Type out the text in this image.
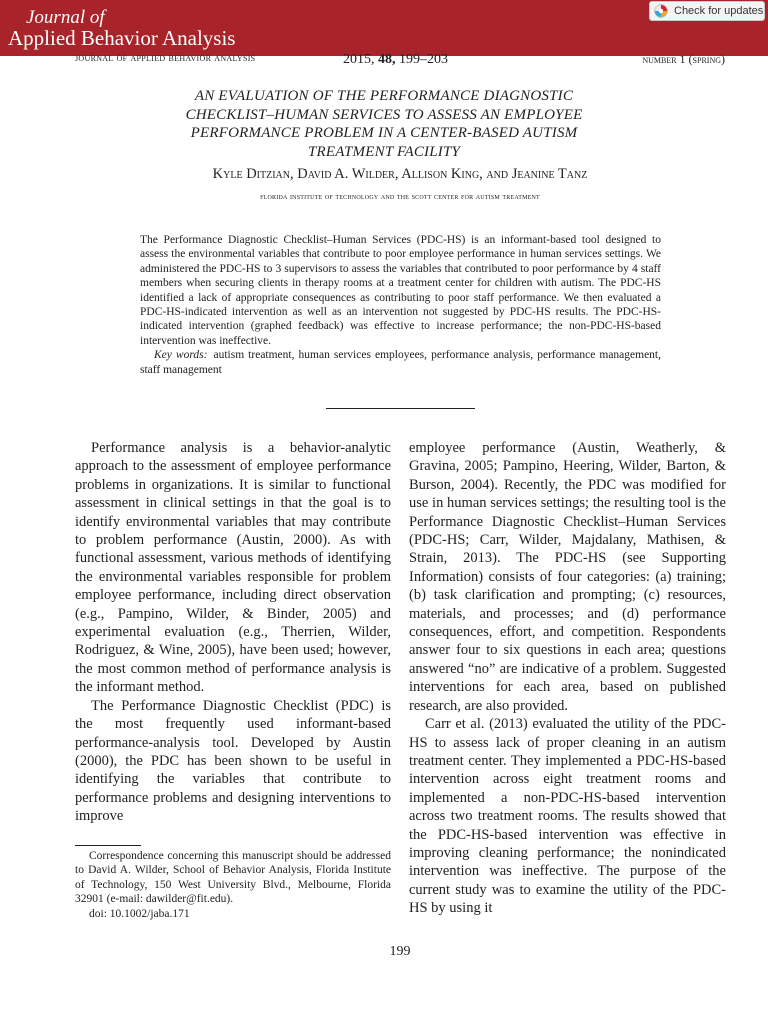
Journal of
Applied Behavior Analysis
Check for updates
journal of applied behavior analysis	2015, 48, 199–203	number 1 (spring)
AN EVALUATION OF THE PERFORMANCE DIAGNOSTIC CHECKLIST–HUMAN SERVICES TO ASSESS AN EMPLOYEE PERFORMANCE PROBLEM IN A CENTER-BASED AUTISM TREATMENT FACILITY
Kyle Ditzian, David A. Wilder, Allison King, and Jeanine Tanz
florida institute of technology and the scott center for autism treatment

The Performance Diagnostic Checklist–Human Services (PDC-HS) is an informant-based tool designed to assess the environmental variables that contribute to poor employee performance in human services settings. We administered the PDC-HS to 3 supervisors to assess the variables that contributed to poor performance by 4 staff members when securing clients in therapy rooms at a treatment center for children with autism. The PDC-HS identified a lack of appropriate consequences as contributing to poor staff performance. We then evaluated a PDC-HS-indicated intervention as well as an intervention not suggested by PDC-HS results. The PDC-HS-indicated intervention (graphed feedback) was effective to increase performance; the non-PDC-HS-based intervention was ineffective.

Key words: autism treatment, human services employees, performance analysis, performance management, staff management

Performance analysis is a behavior-analytic approach to the assessment of employee performance problems in organizations. It is similar to functional assessment in clinical settings in that the goal is to identify environmental variables that may contribute to problem performance (Austin, 2000). As with functional assessment, various methods of identifying the environmental variables responsible for problem employee performance, including direct observation (e.g., Pampino, Wilder, & Binder, 2005) and experimental evaluation (e.g., Therrien, Wilder, Rodriguez, & Wine, 2005), have been used; however, the most common method of performance analysis is the informant method.

The Performance Diagnostic Checklist (PDC) is the most frequently used informant-based performance-analysis tool. Developed by Austin (2000), the PDC has been shown to be useful in identifying the variables that contribute to performance problems and designing interventions to improve

employee performance (Austin, Weatherly, & Gravina, 2005; Pampino, Heering, Wilder, Barton, & Burson, 2004). Recently, the PDC was modified for use in human services settings; the resulting tool is the Performance Diagnostic Checklist–Human Services (PDC-HS; Carr, Wilder, Majdalany, Mathisen, & Strain, 2013). The PDC-HS (see Supporting Information) consists of four categories: (a) training; (b) task clarification and prompting; (c) resources, materials, and processes; and (d) performance consequences, effort, and competition. Respondents answer four to six questions in each area; questions answered “no” are indicative of a problem. Suggested interventions for each area, based on published research, are also provided.

Carr et al. (2013) evaluated the utility of the PDC-HS to assess lack of proper cleaning in an autism treatment center. They implemented a PDC-HS-based intervention across eight treatment rooms and implemented a non-PDC-HS-based intervention across two treatment rooms. The results showed that the PDC-HS-based intervention was effective in improving cleaning performance; the nonindicated intervention was ineffective. The purpose of the current study was to examine the utility of the PDC-HS by using it

Correspondence concerning this manuscript should be addressed to David A. Wilder, School of Behavior Analysis, Florida Institute of Technology, 150 West University Blvd., Melbourne, Florida 32901 (e-mail: dawilder@fit.edu).

doi: 10.1002/jaba.171

199
